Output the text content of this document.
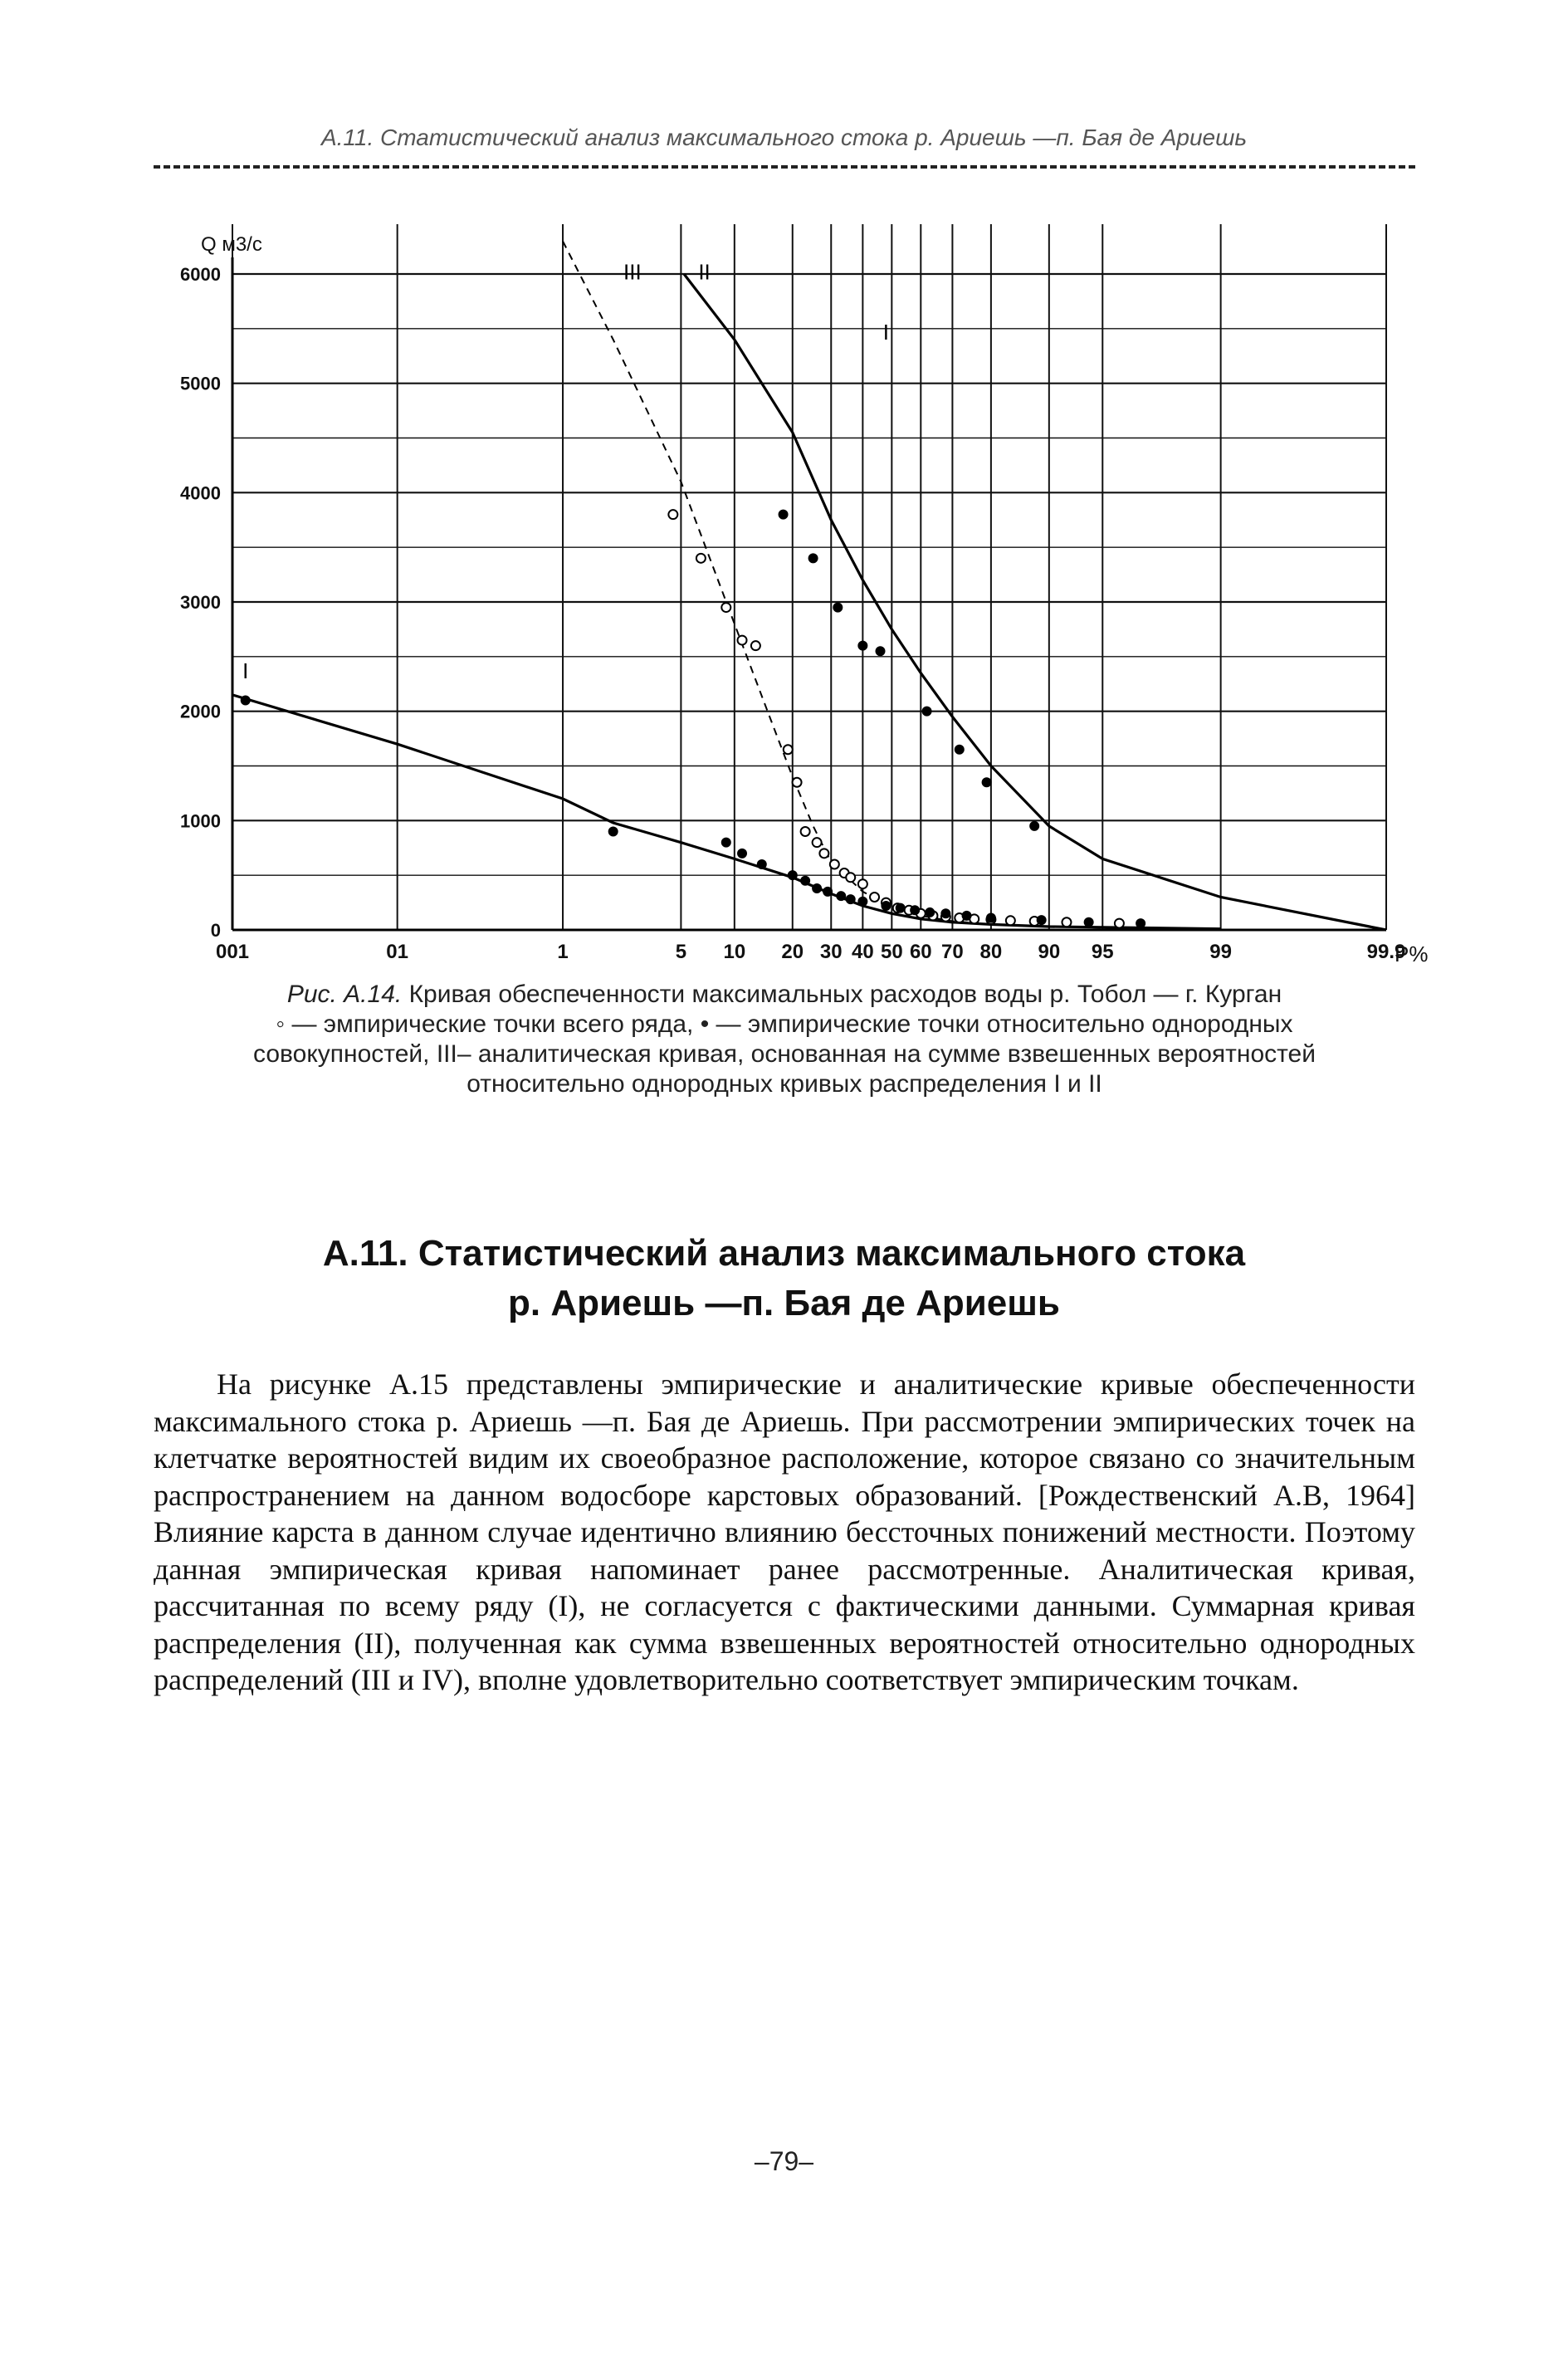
А.11. Статистический анализ максимального стока р. Ариешь —п. Бая де Ариешь
0
1000
2000
3000
4000
5000
6000
Q м3/с
001	01	1	5 10 20 30 40 50 60 70 80 90 95	99	99.9
P%
I
II
III
I
Рис. А.14. Кривая обеспеченности максимальных расходов воды р. Тобол — г. Курган
◦ — эмпирические точки всего ряда, • — эмпирические точки относительно однородных
совокупностей, III– аналитическая кривая, основанная на сумме взвешенных вероятностей
относительно однородных кривых распределения I и II
А.11. Статистический анализ максимального стока
р. Ариешь —п. Бая де Ариешь

На рисунке А.15 представлены эмпирические и аналитические кривые обеспеченности максимального стока р. Ариешь —п. Бая де Ариешь. При рассмотрении эмпирических точек на клетчатке вероятностей видим их своеобразное расположение, которое связано со значительным распространением на данном водосборе карстовых образований. [Рождественский А.В, 1964] Влияние карста в данном случае идентично влиянию бессточных понижений местности. Поэтому данная эмпирическая кривая напоминает ранее рассмотренные. Аналитическая кривая, рассчитанная по всему ряду (I), не согласуется с фактическими данными. Суммарная кривая распределения (II), полученная как сумма взвешенных вероятностей относительно однородных распределений (III и IV), вполне удовлетворительно соответствует эмпирическим точкам.

–79–
